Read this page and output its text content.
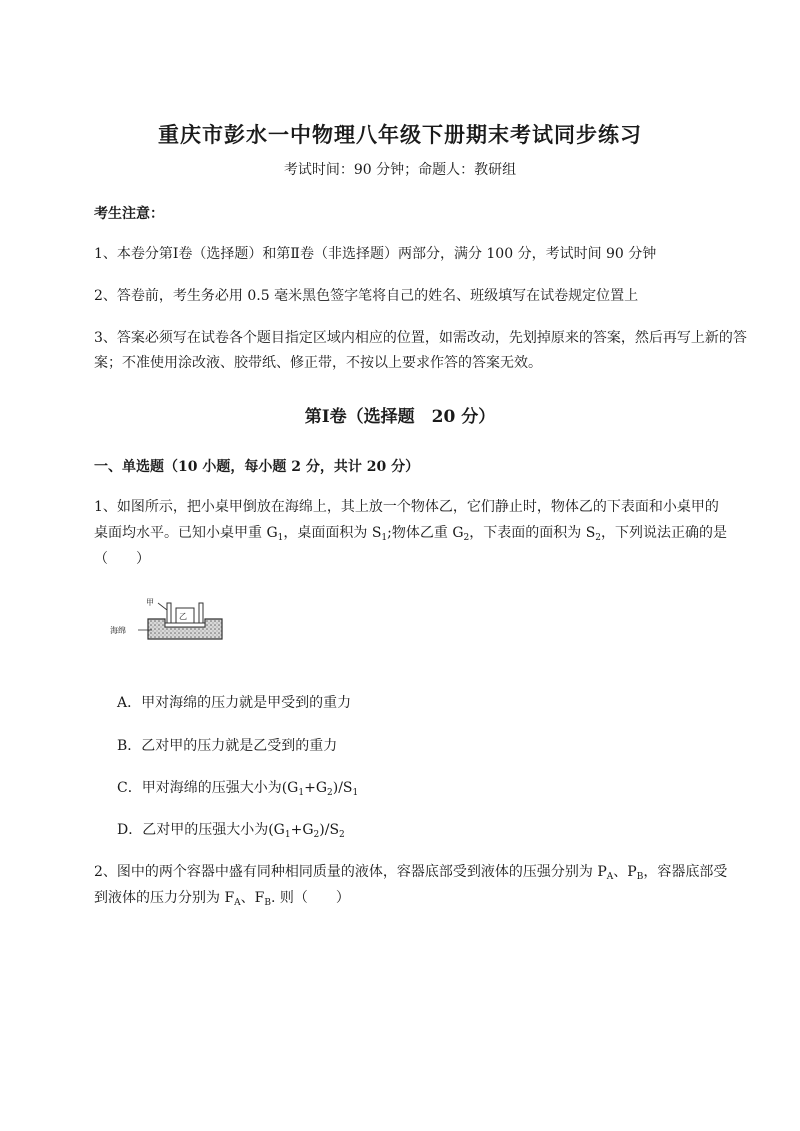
重庆市彭水一中物理八年级下册期末考试同步练习
考试时间：90 分钟；命题人：教研组
考生注意：
1、本卷分第Ⅰ卷（选择题）和第Ⅱ卷（非选择题）两部分，满分 100 分，考试时间 90 分钟
2、答卷前，考生务必用 0.5 毫米黑色签字笔将自己的姓名、班级填写在试卷规定位置上
3、答案必须写在试卷各个题目指定区域内相应的位置，如需改动，先划掉原来的答案，然后再写上新的答案；不准使用涂改液、胶带纸、修正带，不按以上要求作答的答案无效。
第Ⅰ卷（选择题　20 分）
一、单选题（10 小题，每小题 2 分，共计 20 分）
1、如图所示，把小桌甲倒放在海绵上，其上放一个物体乙，它们静止时，物体乙的下表面和小桌甲的
桌面均水平。已知小桌甲重 $G_1$，桌面面积为 $S_1$;物体乙重 $G_2$，下表面的面积为 $S_2$，下列说法正确的是
（　　）
甲
乙
海绵
A．甲对海绵的压力就是甲受到的重力
B．乙对甲的压力就是乙受到的重力
C．甲对海绵的压强大小为$(G_1+G_2)/S_1$
D．乙对甲的压强大小为$(G_1+G_2)/S_2$
2、图中的两个容器中盛有同种相同质量的液体，容器底部受到液体的压强分别为 $P_A$、$P_B$，容器底部受
到液体的压力分别为 $F_A$、$F_B$. 则（　　）
